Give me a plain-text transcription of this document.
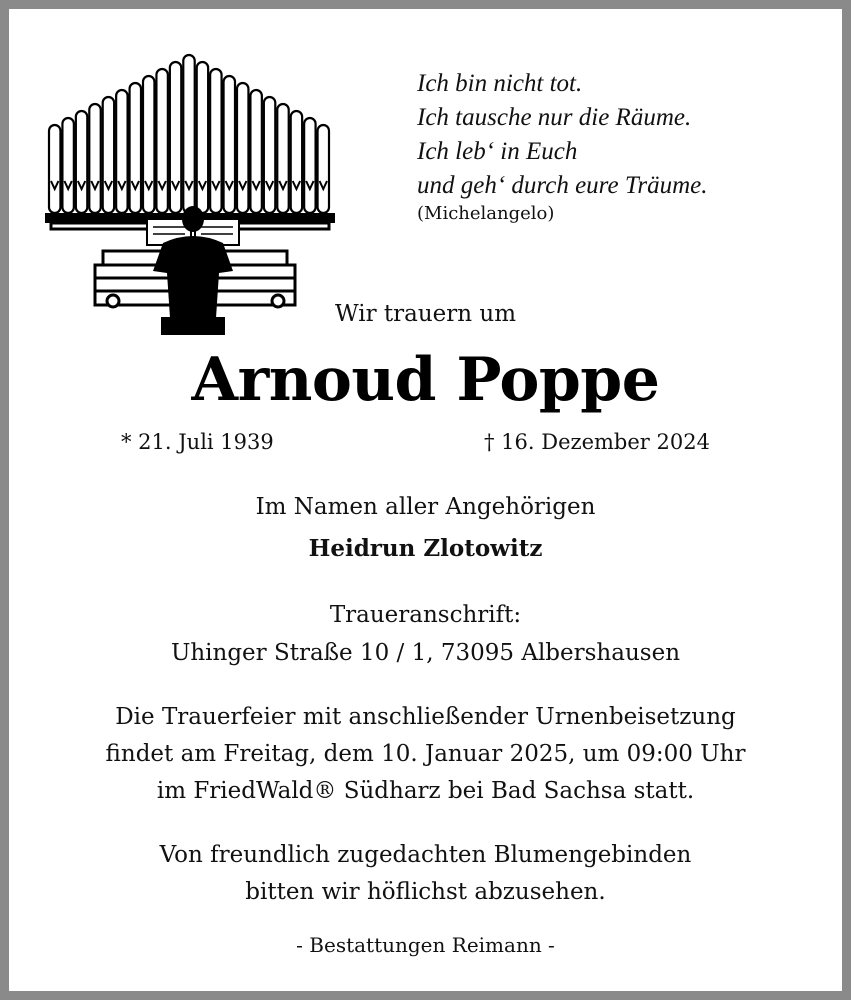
Ich bin nicht tot.
Ich tausche nur die Räume.
Ich leb‘ in Euch
und geh‘ durch eure Träume.
(Michelangelo)
Wir trauern um
Arnoud Poppe
* 21. Juli 1939	† 16. Dezember 2024
Im Namen aller Angehörigen
Heidrun Zlotowitz
Traueranschrift:
Uhinger Straße 10 / 1, 73095 Albershausen
Die Trauerfeier mit anschließender Urnenbeisetzung
findet am Freitag, dem 10. Januar 2025, um 09:00 Uhr
im FriedWald® Südharz bei Bad Sachsa statt.
Von freundlich zugedachten Blumengebinden
bitten wir höflichst abzusehen.
- Bestattungen Reimann -
